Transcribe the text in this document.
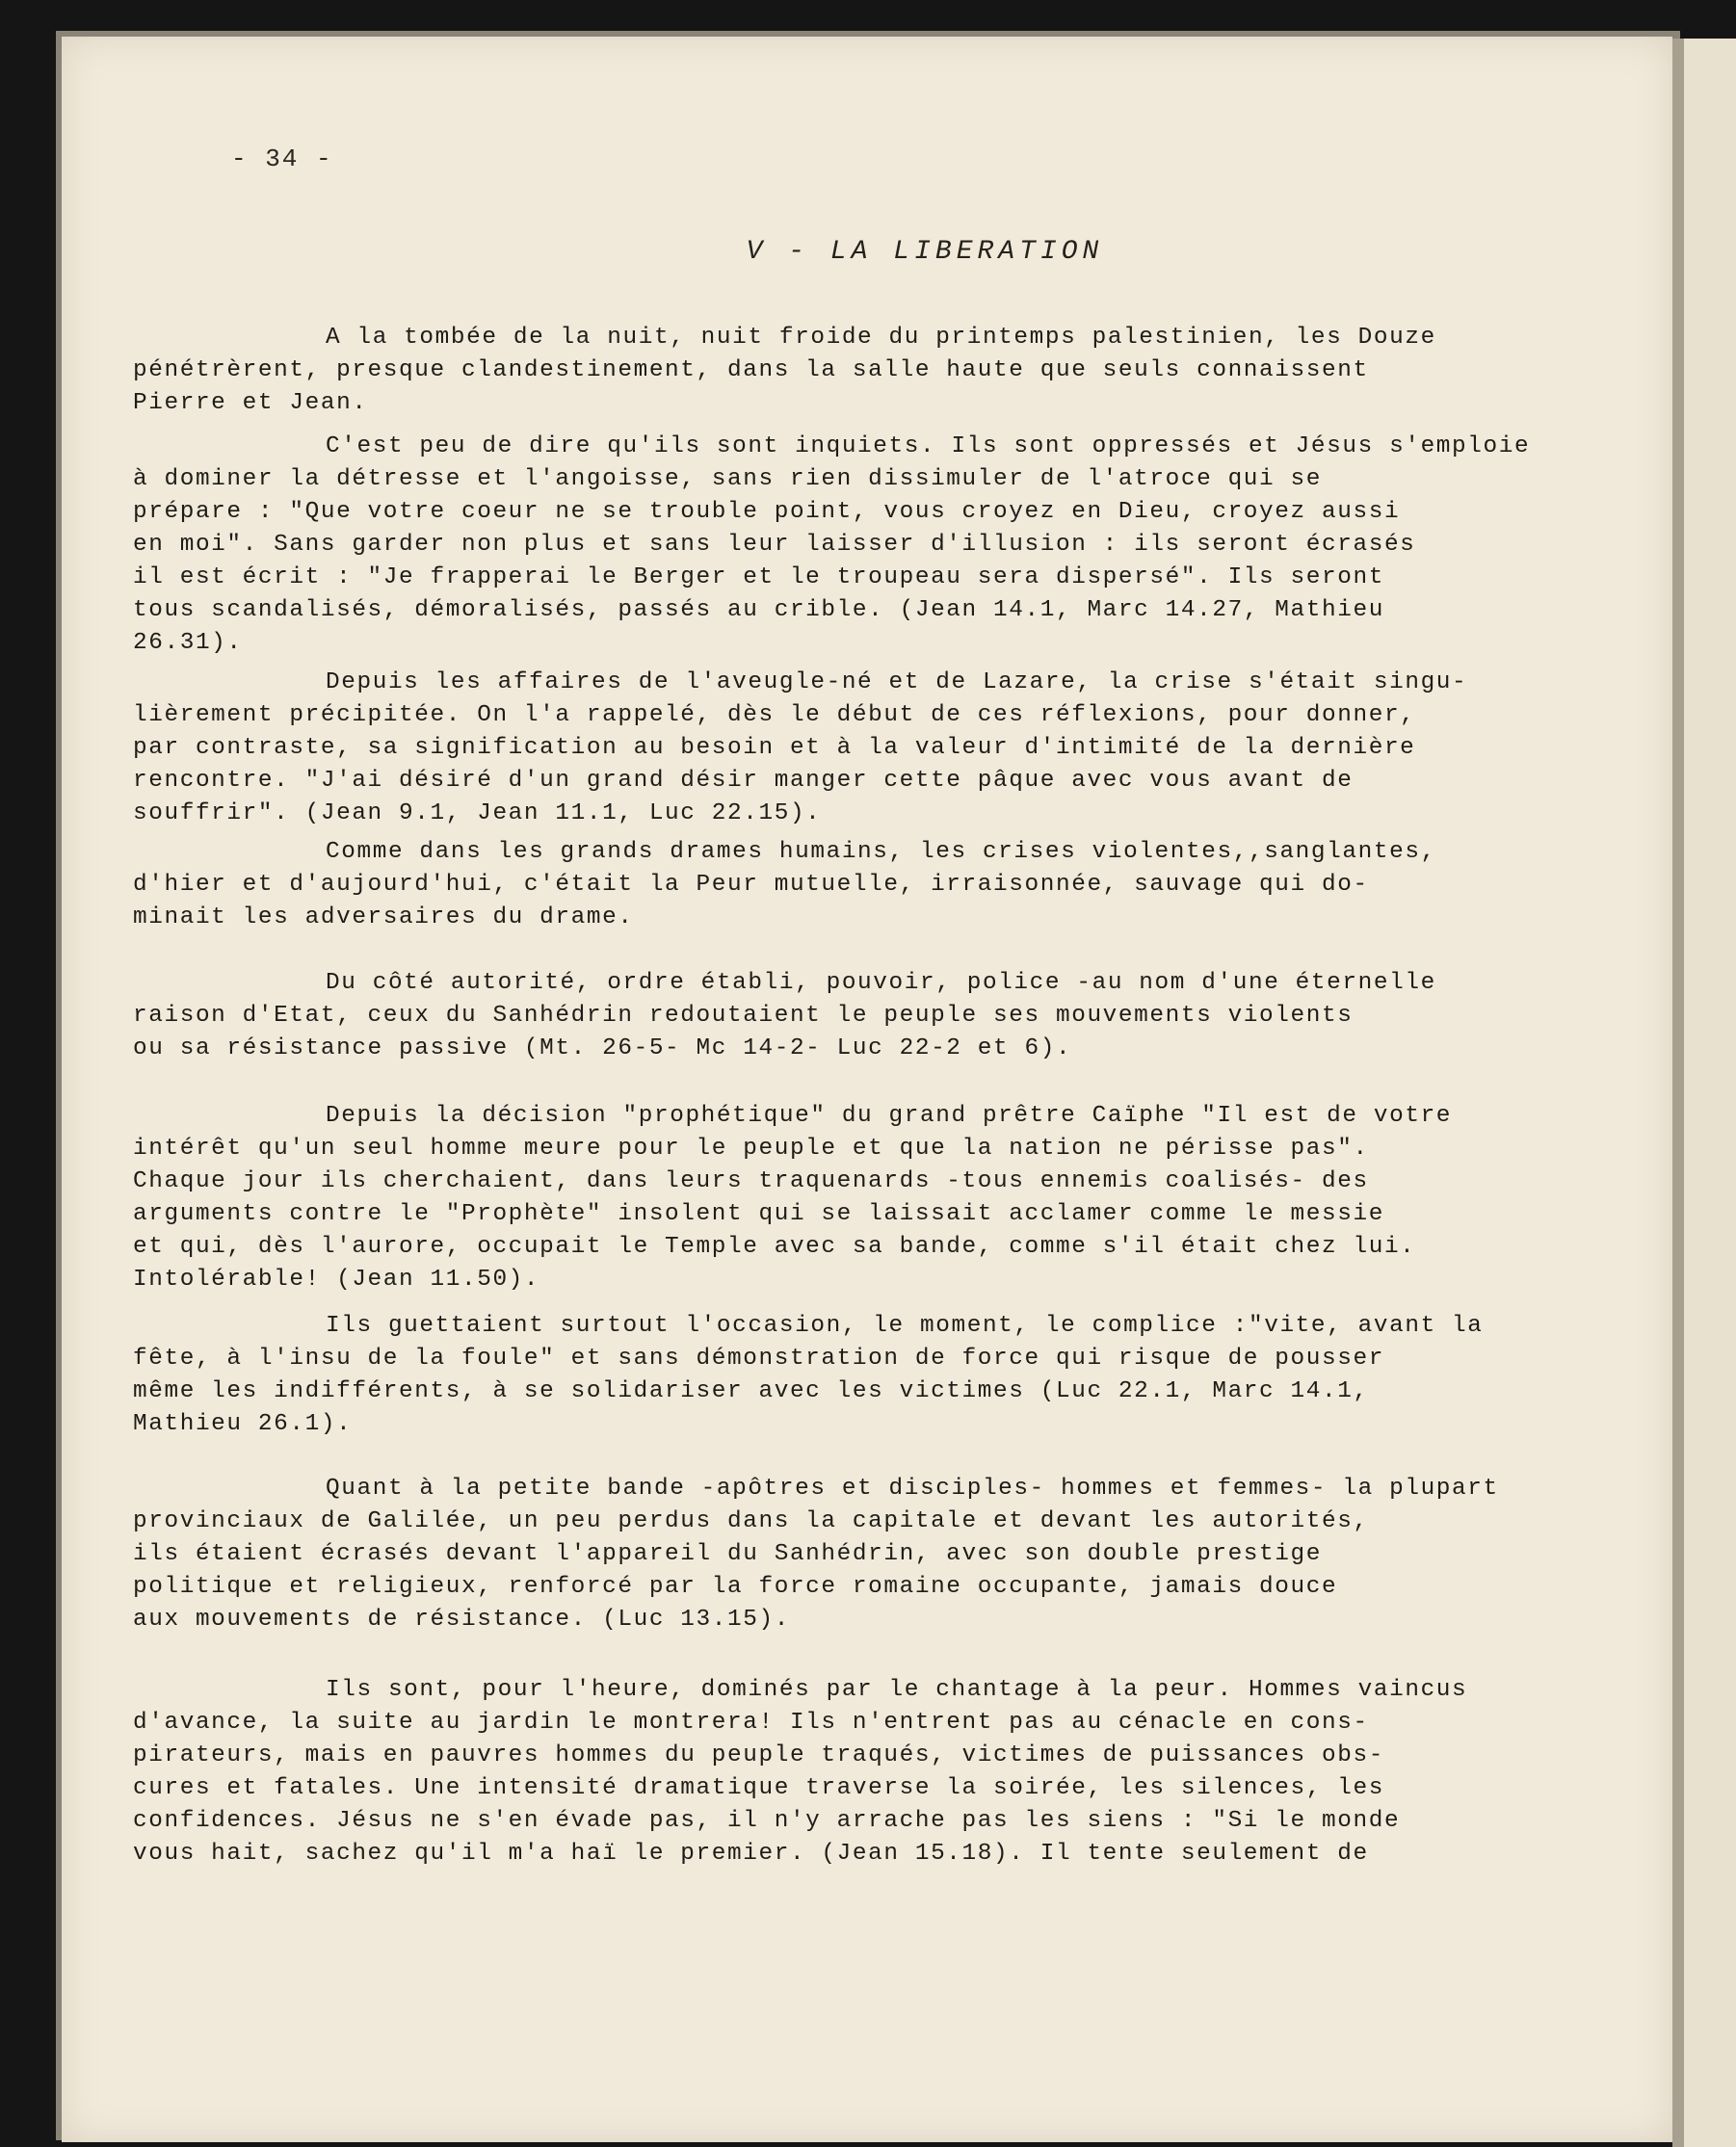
- 34 -
V - LA LIBERATION
A la tombée de la nuit, nuit froide du printemps palestinien, les Douze
pénétrèrent, presque clandestinement, dans la salle haute que seuls connaissent
Pierre et Jean.
C'est peu de dire qu'ils sont inquiets. Ils sont oppressés et Jésus s'emploie
à dominer la détresse et l'angoisse, sans rien dissimuler de l'atroce qui se
prépare : "Que votre coeur ne se trouble point, vous croyez en Dieu, croyez aussi
en moi". Sans garder non plus et sans leur laisser d'illusion : ils seront écrasés
il est écrit : "Je frapperai le Berger et le troupeau sera dispersé". Ils seront
tous scandalisés, démoralisés, passés au crible. (Jean 14.1, Marc 14.27, Mathieu
26.31).
Depuis les affaires de l'aveugle-né et de Lazare, la crise s'était singu-
lièrement précipitée. On l'a rappelé, dès le début de ces réflexions, pour donner,
par contraste, sa signification au besoin et à la valeur d'intimité de la dernière
rencontre. "J'ai désiré d'un grand désir manger cette pâque avec vous avant de
souffrir". (Jean 9.1, Jean 11.1, Luc 22.15).
Comme dans les grands drames humains, les crises violentes,,sanglantes,
d'hier et d'aujourd'hui, c'était la Peur mutuelle, irraisonnée, sauvage qui do-
minait les adversaires du drame.
Du côté autorité, ordre établi, pouvoir, police -au nom d'une éternelle
raison d'Etat, ceux du Sanhédrin redoutaient le peuple ses mouvements violents
ou sa résistance passive (Mt. 26-5- Mc 14-2- Luc 22-2 et 6).
Depuis la décision "prophétique" du grand prêtre Caïphe "Il est de votre
intérêt qu'un seul homme meure pour le peuple et que la nation ne périsse pas".
Chaque jour ils cherchaient, dans leurs traquenards -tous ennemis coalisés- des
arguments contre le "Prophète" insolent qui se laissait acclamer comme le messie
et qui, dès l'aurore, occupait le Temple avec sa bande, comme s'il était chez lui.
Intolérable! (Jean 11.50).
Ils guettaient surtout l'occasion, le moment, le complice :"vite, avant la
fête, à l'insu de la foule" et sans démonstration de force qui risque de pousser
même les indifférents, à se solidariser avec les victimes (Luc 22.1, Marc 14.1,
Mathieu 26.1).
Quant à la petite bande -apôtres et disciples- hommes et femmes- la plupart
provinciaux de Galilée, un peu perdus dans la capitale et devant les autorités,
ils étaient écrasés devant l'appareil du Sanhédrin, avec son double prestige
politique et religieux, renforcé par la force romaine occupante, jamais douce
aux mouvements de résistance. (Luc 13.15).
Ils sont, pour l'heure, dominés par le chantage à la peur. Hommes vaincus
d'avance, la suite au jardin le montrera! Ils n'entrent pas au cénacle en cons-
pirateurs, mais en pauvres hommes du peuple traqués, victimes de puissances obs-
cures et fatales. Une intensité dramatique traverse la soirée, les silences, les
confidences. Jésus ne s'en évade pas, il n'y arrache pas les siens : "Si le monde
vous hait, sachez qu'il m'a haï le premier. (Jean 15.18). Il tente seulement de
